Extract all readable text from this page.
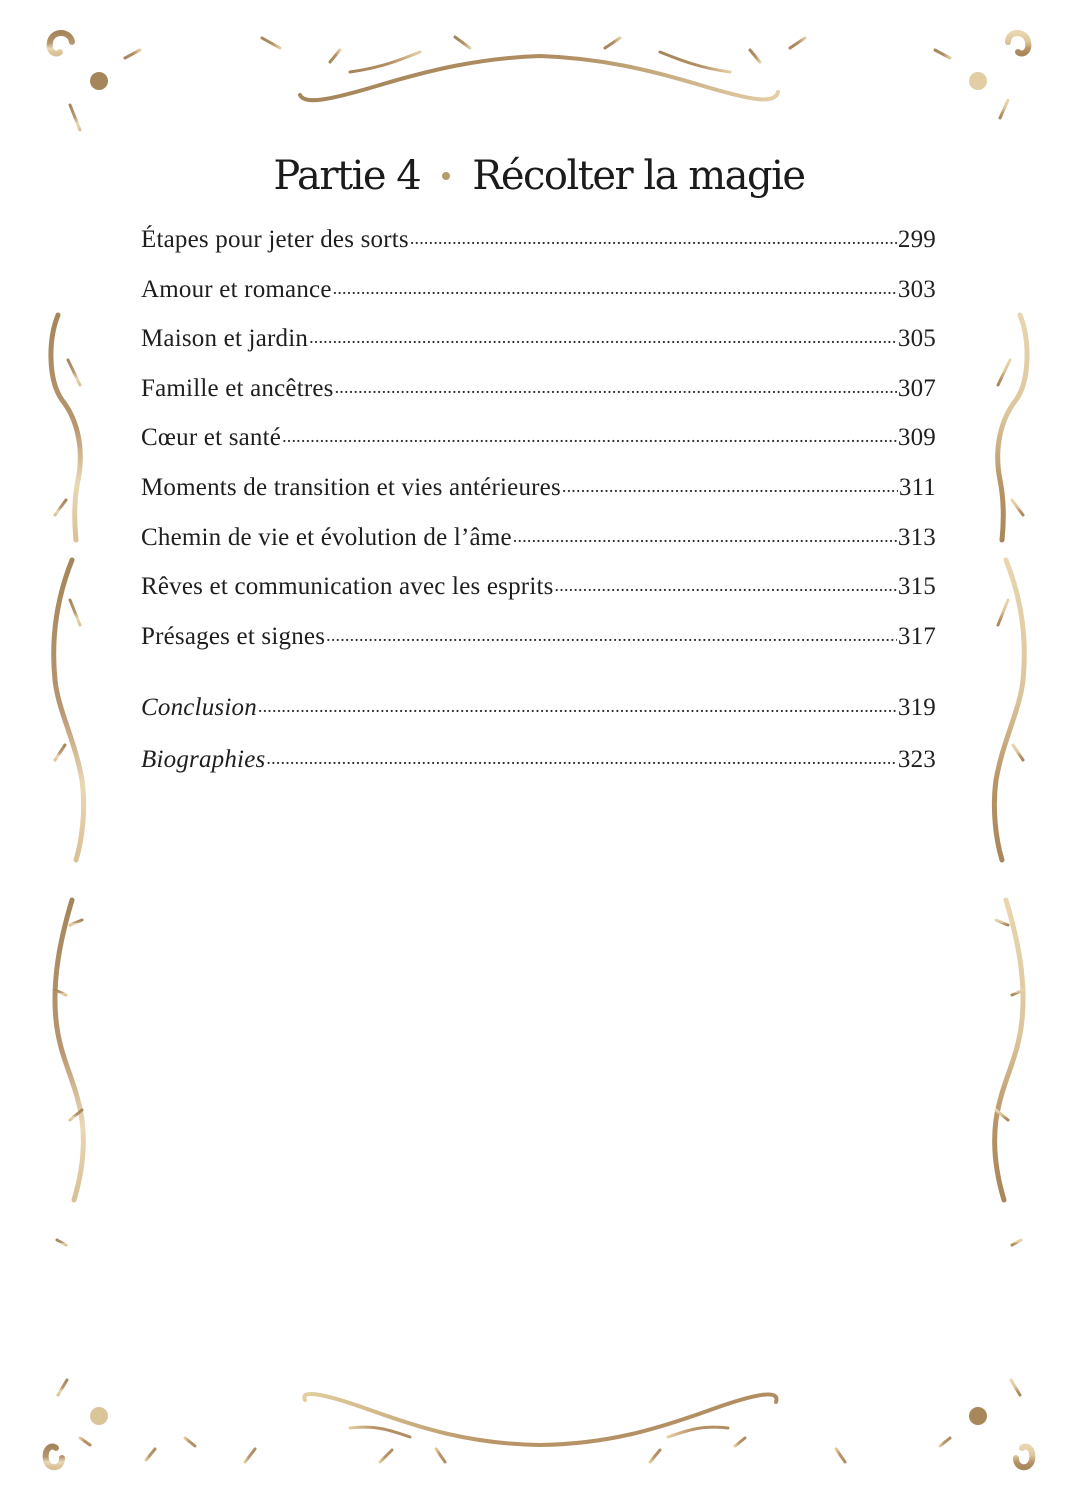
Partie 4 Récolter la magie
Étapes pour jeter des sorts . . .	299
Amour et romance . . .	303
Maison et jardin . . .	305
Famille et ancêtres . . .	307
Cœur et santé . . .	309
Moments de transition et vies antérieures . . .	311
Chemin de vie et évolution de l’âme . . .	313
Rêves et communication avec les esprits . . .	315
Présages et signes . . .	317
Conclusion . . .	319
Biographies . . .	323
